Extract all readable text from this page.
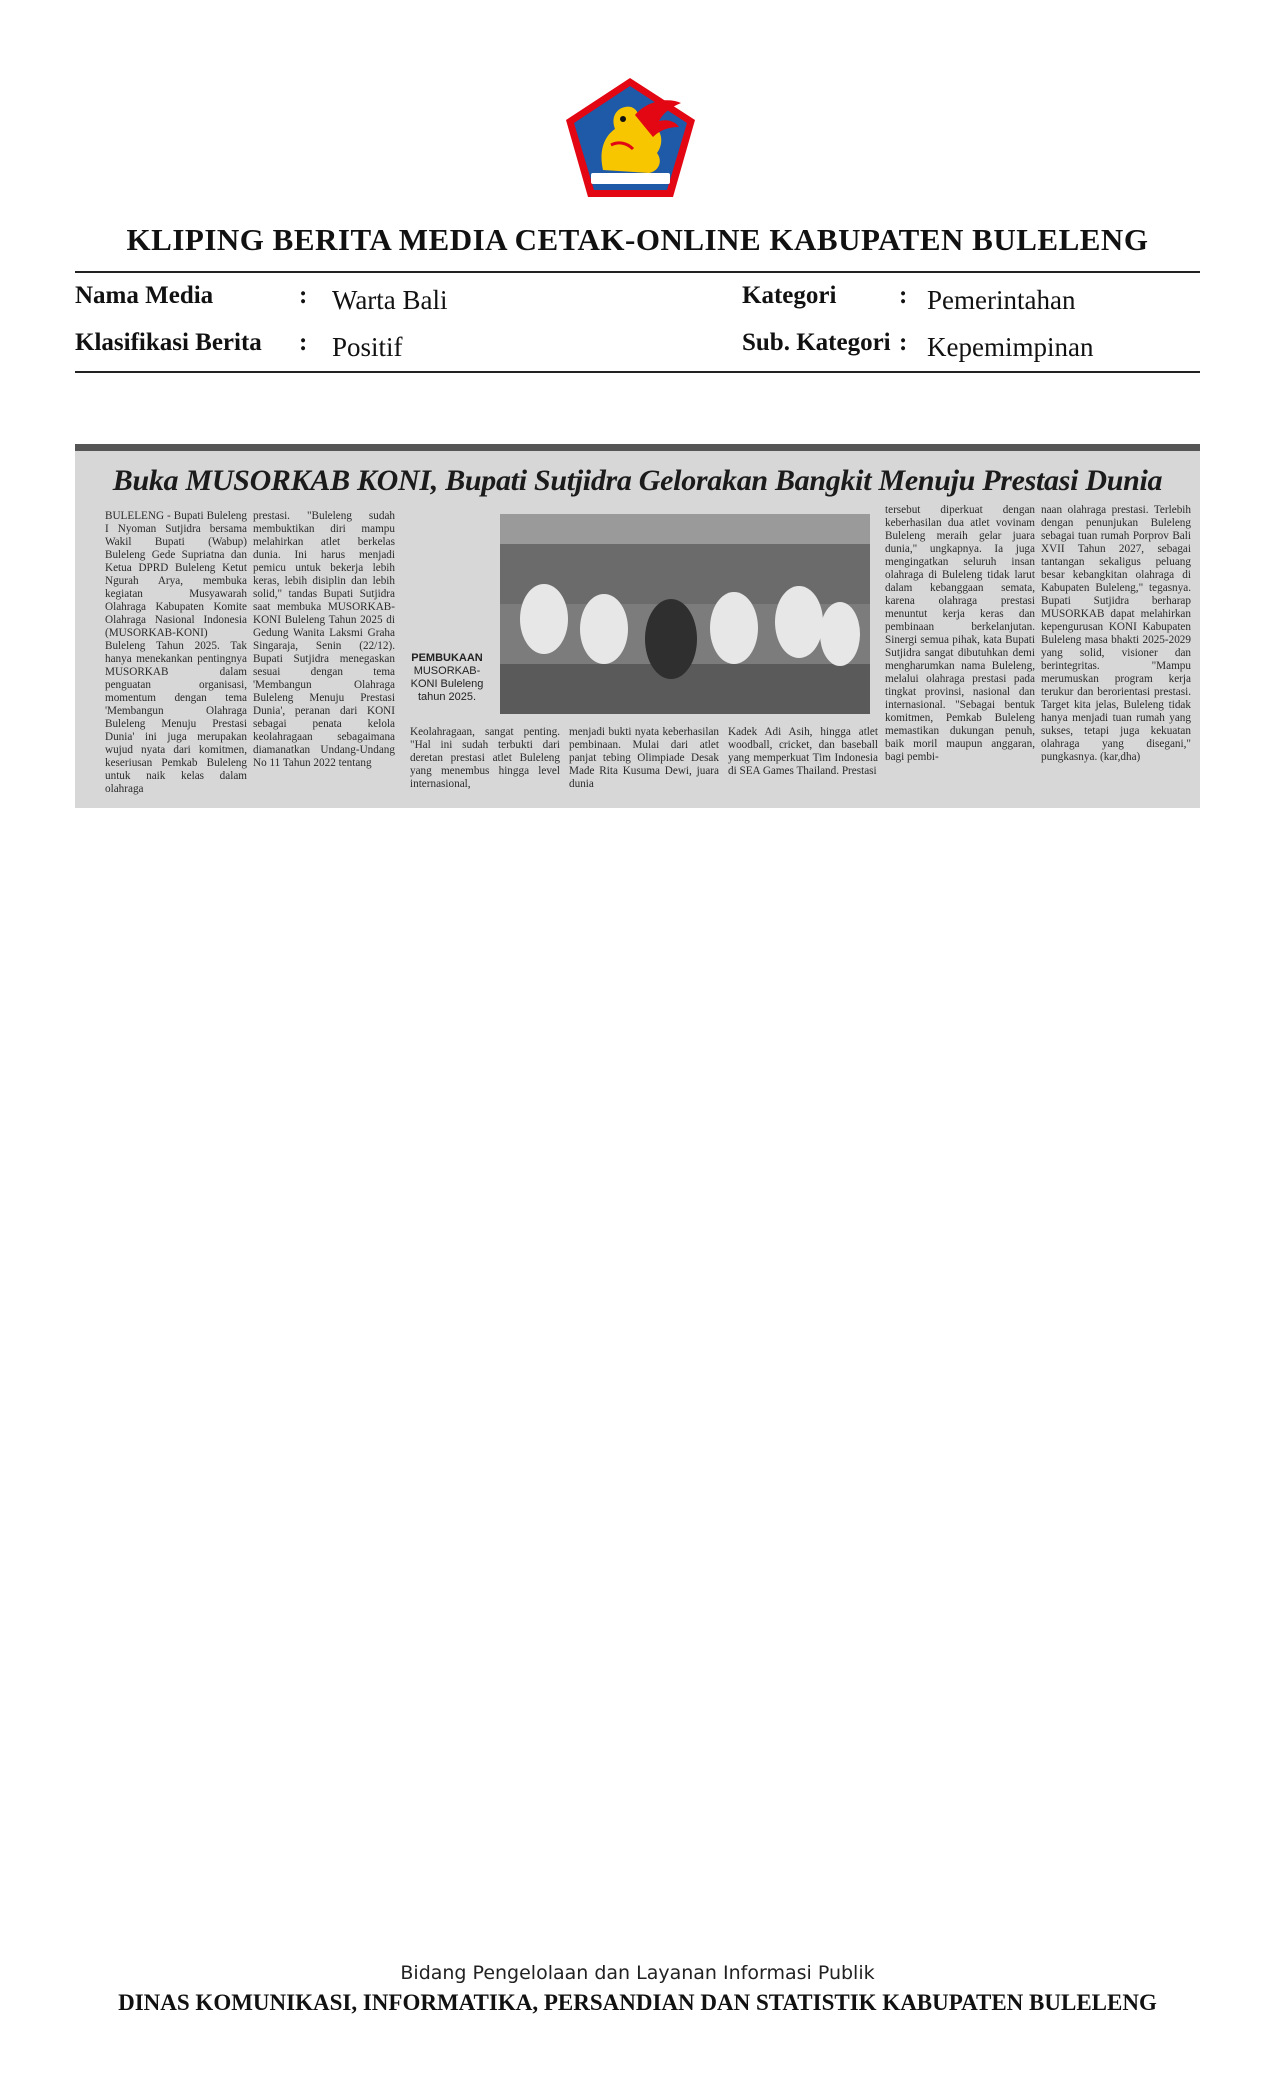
KLIPING BERITA MEDIA CETAK-ONLINE KABUPATEN BULELENG
Nama Media	: Warta Bali
Klasifikasi Berita : Positif
Kategori	: Pemerintahan
Sub. Kategori : Kepemimpinan
Buka MUSORKAB KONI, Bupati Sutjidra Gelorakan Bangkit Menuju Prestasi Dunia
BULELENG - Bupati Buleleng I Nyoman Sutjidra bersama Wakil Bupati (Wabup) Buleleng Gede Supriatna dan Ketua DPRD Buleleng Ketut Ngurah Arya, membuka kegiatan Musyawarah Olahraga Kabupaten Komite Olahraga Nasional Indonesia (MUSORKAB-KONI) Buleleng Tahun 2025. Tak hanya menekankan pentingnya MUSORKAB dalam penguatan organisasi, momentum dengan tema 'Membangun Olahraga Buleleng Menuju Prestasi Dunia' ini juga merupakan wujud nyata dari komitmen, keseriusan Pemkab Buleleng untuk naik kelas dalam olahraga
prestasi. "Buleleng sudah membuktikan diri mampu melahirkan atlet berkelas dunia. Ini harus menjadi pemicu untuk bekerja lebih keras, lebih disiplin dan lebih solid," tandas Bupati Sutjidra saat membuka MUSORKAB-KONI Buleleng Tahun 2025 di Gedung Wanita Laksmi Graha Singaraja, Senin (22/12). Bupati Sutjidra menegaskan sesuai dengan tema 'Membangun Olahraga Buleleng Menuju Prestasi Dunia', peranan dari KONI sebagai penata kelola keolahragaan sebagaimana diamanatkan Undang-Undang No 11 Tahun 2022 tentang
PEMBUKAAN
MUSORKAB-KONI Buleleng tahun 2025.
Keolahragaan, sangat penting. "Hal ini sudah terbukti dari deretan prestasi atlet Buleleng yang menembus hingga level internasional,
menjadi bukti nyata keberhasilan pembinaan. Mulai dari atlet panjat tebing Olimpiade Desak Made Rita Kusuma Dewi, juara dunia
Kadek Adi Asih, hingga atlet woodball, cricket, dan baseball yang memperkuat Tim Indonesia di SEA Games Thailand. Prestasi
tersebut diperkuat dengan keberhasilan dua atlet vovinam Buleleng meraih gelar juara dunia," ungkapnya. Ia juga mengingatkan seluruh insan olahraga di Buleleng tidak larut dalam kebanggaan semata, karena olahraga prestasi menuntut kerja keras dan pembinaan berkelanjutan. Sinergi semua pihak, kata Bupati Sutjidra sangat dibutuhkan demi mengharumkan nama Buleleng, melalui olahraga prestasi pada tingkat provinsi, nasional dan internasional. "Sebagai bentuk komitmen, Pemkab Buleleng memastikan dukungan penuh, baik moril maupun anggaran, bagi pembi-
naan olahraga prestasi. Terlebih dengan penunjukan Buleleng sebagai tuan rumah Porprov Bali XVII Tahun 2027, sebagai tantangan sekaligus peluang besar kebangkitan olahraga di Kabupaten Buleleng," tegasnya. Bupati Sutjidra berharap MUSORKAB dapat melahirkan kepengurusan KONI Kabupaten Buleleng masa bhakti 2025-2029 yang solid, visioner dan berintegritas. "Mampu merumuskan program kerja terukur dan berorientasi prestasi. Target kita jelas, Buleleng tidak hanya menjadi tuan rumah yang sukses, tetapi juga kekuatan olahraga yang disegani," pungkasnya. (kar,dha)
Bidang Pengelolaan dan Layanan Informasi Publik
DINAS KOMUNIKASI, INFORMATIKA, PERSANDIAN DAN STATISTIK KABUPATEN BULELENG
